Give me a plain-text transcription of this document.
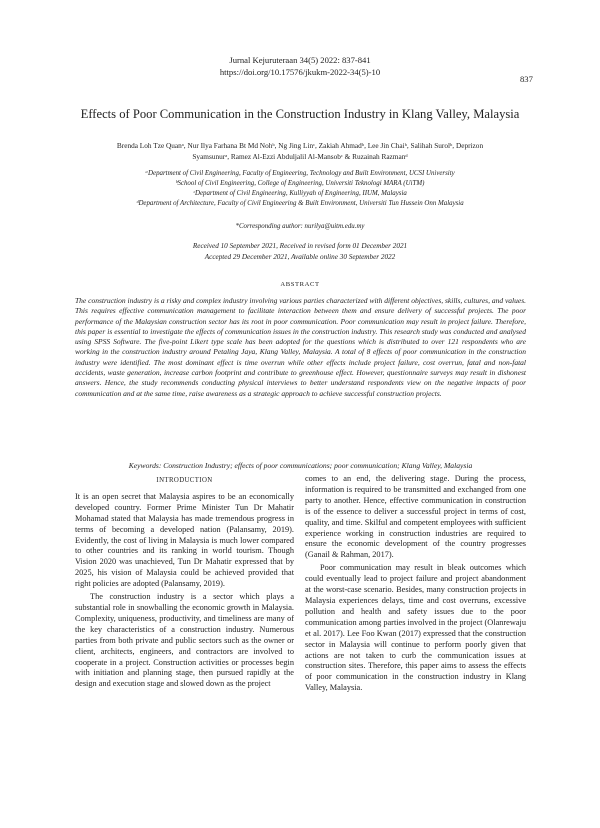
Jurnal Kejuruteraan 34(5) 2022: 837-841
https://doi.org/10.17576/jkukm-2022-34(5)-10
837
Effects of Poor Communication in the Construction Industry in Klang Valley, Malaysia
Brenda Loh Tze Quanᵃ, Nur Ilya Farhana Bt Md Nohᵇ, Ng Jing Linᶜ, Zakiah Ahmadᵇ, Lee Jin Chaiᵇ, Salihah Surolᵇ, Deprizon
Syamsunurᵃ, Ramez Al-Ezzi Abduljalil Al-Mansobᶜ & Ruzainah Razmanᵈ
ᵃDepartment of Civil Engineering, Faculty of Engineering, Technology and Built Environment, UCSI University
ᵇSchool of Civil Engineering, College of Engineering, Universiti Teknologi MARA (UiTM)
ᶜDepartment of Civil Engineering, Kulliyyah of Engineering, IIUM, Malaysia
ᵈDepartment of Architecture, Faculty of Civil Engineering & Built Environment, Universiti Tun Hussein Onn Malaysia
*Corresponding author: nurilya@uitm.edu.my
Received 10 September 2021, Received in revised form 01 December 2021
Accepted 29 December 2021, Available online 30 September 2022
ABSTRACT
The construction industry is a risky and complex industry involving various parties characterized with different objectives, skills, cultures, and values. This requires effective communication management to facilitate interaction between them and ensure delivery of successful projects. The poor performance of the Malaysian construction sector has its root in poor communication. Poor communication may result in project failure. Therefore, this paper is essential to investigate the effects of communication issues in the construction industry. This research study was conducted and analysed using SPSS Software. The five-point Likert type scale has been adopted for the questions which is distributed to over 121 respondents who are working in the construction industry around Petaling Jaya, Klang Valley, Malaysia. A total of 8 effects of poor communication in the construction industry were identified. The most dominant effect is time overrun while other effects include project failure, cost overrun, fatal and non-fatal accidents, waste generation, increase carbon footprint and contribute to greenhouse effect. However, questionnaire surveys may result in dishonest answers. Hence, the study recommends conducting physical interviews to better understand respondents view on the negative impacts of poor communication and at the same time, raise awareness as a strategic approach to achieve successful construction projects.
Keywords: Construction Industry; effects of poor communications; poor communication; Klang Valley, Malaysia
INTRODUCTION

It is an open secret that Malaysia aspires to be an economically developed country. Former Prime Minister Tun Dr Mahatir Mohamad stated that Malaysia has made tremendous progress in terms of becoming a developed nation (Palansamy, 2019). Evidently, the cost of living in Malaysia is much lower compared to other countries and its ranking in world tourism. Though Vision 2020 was unachieved, Tun Dr Mahatir expressed that by 2025, his vision of Malaysia could be achieved provided that right policies are adopted (Palansamy, 2019).

The construction industry is a sector which plays a substantial role in snowballing the economic growth in Malaysia. Complexity, uniqueness, productivity, and timeliness are many of the key characteristics of a construction industry. Numerous parties from both private and public sectors such as the owner or client, architects, engineers, and contractors are involved to cooperate in a project. Construction activities or processes begin with initiation and planning stage, then pursued rapidly at the design and execution stage and slowed down as the project

comes to an end, the delivering stage. During the process, information is required to be transmitted and exchanged from one party to another. Hence, effective communication in construction is of the essence to deliver a successful project in terms of cost, quality, and time. Skilful and competent employees with sufficient experience working in construction industries are required to ensure the economic development of the country progresses (Ganail & Rahman, 2017).

Poor communication may result in bleak outcomes which could eventually lead to project failure and project abandonment at the worst-case scenario. Besides, many construction projects in Malaysia experiences delays, time and cost overruns, excessive pollution and health and safety issues due to the poor communication among parties involved in the project (Olanrewaju et al. 2017). Lee Foo Kwan (2017) expressed that the construction sector in Malaysia will continue to perform poorly given that actions are not taken to curb the communication issues at construction sites. Therefore, this paper aims to assess the effects of poor communication in the construction industry in Klang Valley, Malaysia.
